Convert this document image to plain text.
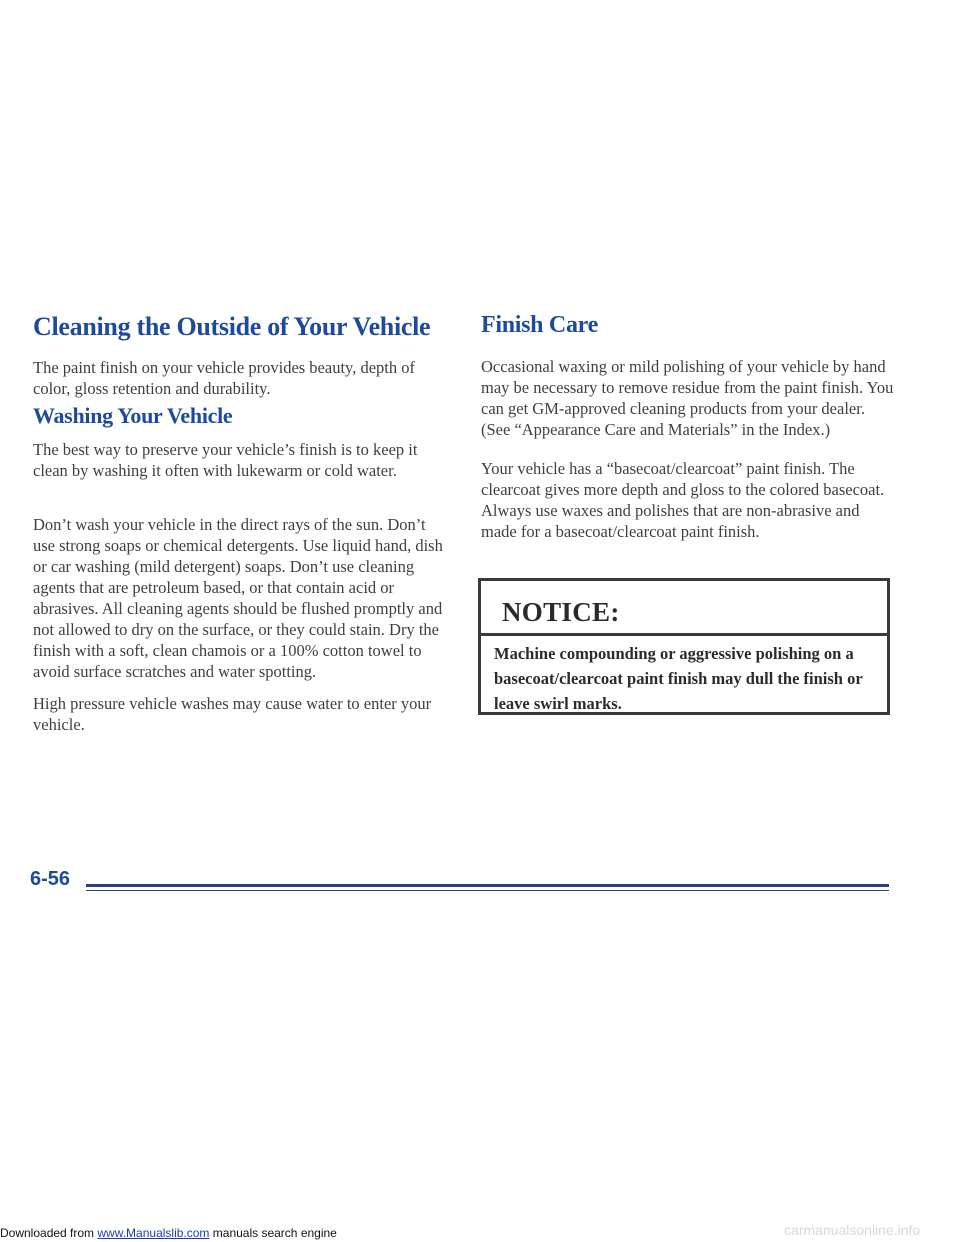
Cleaning the Outside of Your Vehicle

The paint finish on your vehicle provides beauty, depth of color, gloss retention and durability.

Washing Your Vehicle

The best way to preserve your vehicle’s finish is to keep it clean by washing it often with lukewarm or cold water.

Don’t wash your vehicle in the direct rays of the sun. Don’t use strong soaps or chemical detergents. Use liquid hand, dish or car washing (mild detergent) soaps. Don’t use cleaning agents that are petroleum based, or that contain acid or abrasives. All cleaning agents should be flushed promptly and not allowed to dry on the surface, or they could stain. Dry the finish with a soft, clean chamois or a 100% cotton towel to avoid surface scratches and water spotting.

High pressure vehicle washes may cause water to enter your vehicle.

Finish Care

Occasional waxing or mild polishing of your vehicle by hand may be necessary to remove residue from the paint finish. You can get GM-approved cleaning products from your dealer. (See “Appearance Care and Materials” in the Index.)

Your vehicle has a “basecoat/clearcoat” paint finish. The clearcoat gives more depth and gloss to the colored basecoat. Always use waxes and polishes that are non-abrasive and made for a basecoat/clearcoat paint finish.

NOTICE:
Machine compounding or aggressive polishing on a basecoat/clearcoat paint finish may dull the finish or leave swirl marks.
6-56
Downloaded from www.Manualslib.com manuals search engine	carmanualsonline.info
